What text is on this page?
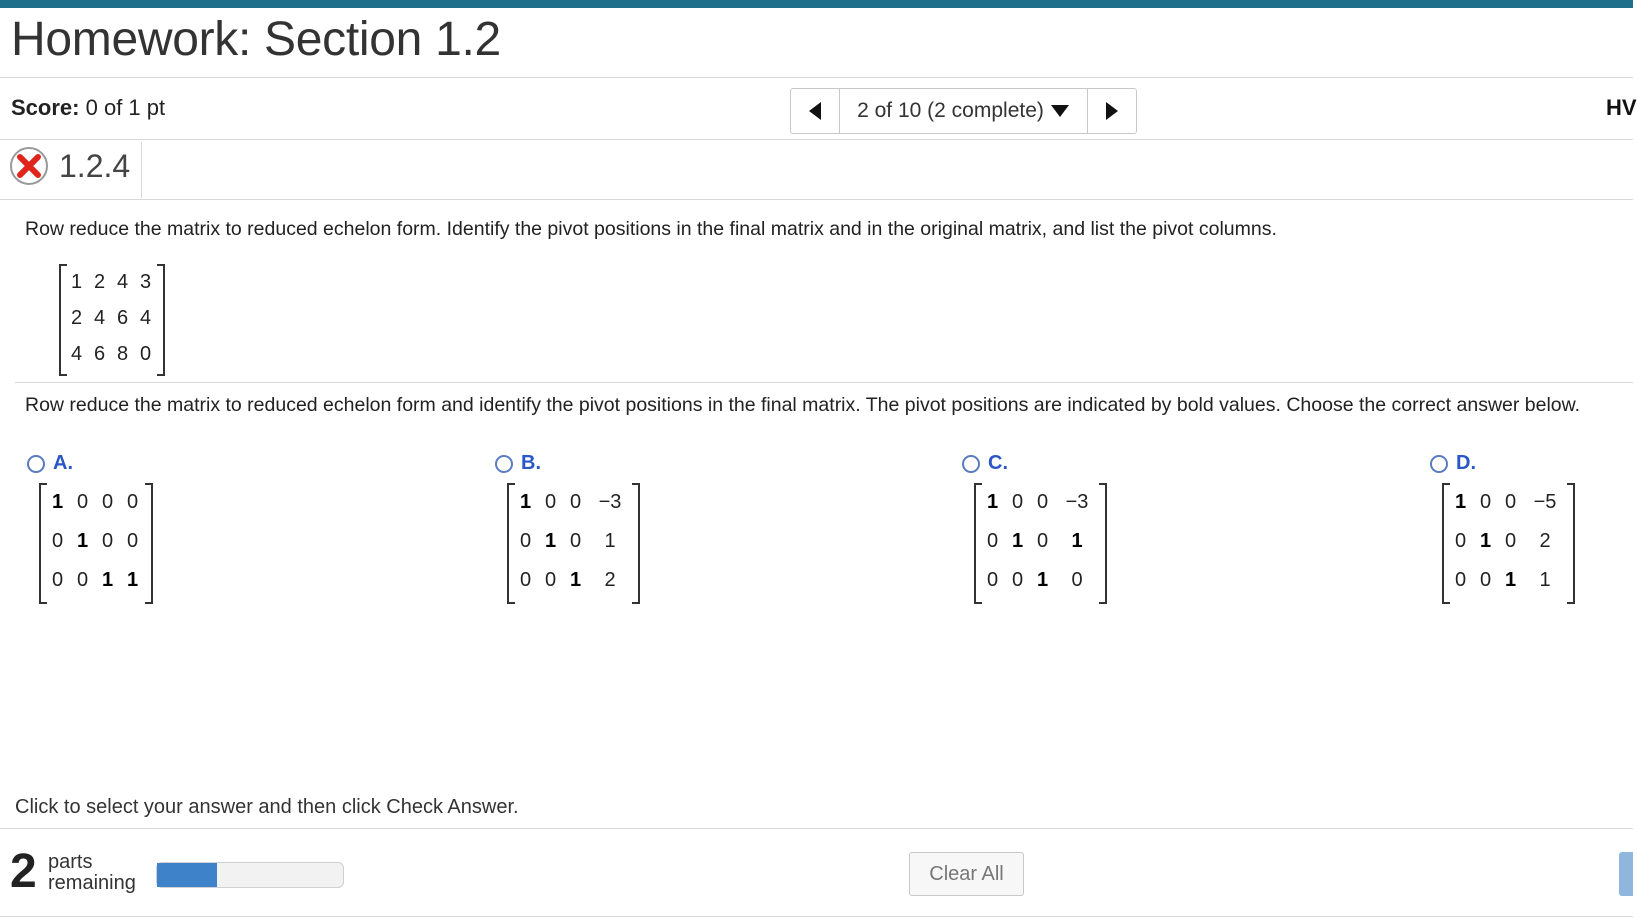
Homework: Section 1.2
Score: 0 of 1 pt	2 of 10 (2 complete)	HV
1.2.4
Row reduce the matrix to reduced echelon form. Identify the pivot positions in the final matrix and in the original matrix, and list the pivot columns.
1 2 4 3
2 4 6 4
4 6 8 0
Row reduce the matrix to reduced echelon form and identify the pivot positions in the final matrix. The pivot positions are indicated by bold values. Choose the correct answer below.
A.
1 0 0 0
0 1 0 0
0 0 1 1
B.
1 0 0 −3
0 1 0	1
0 0 1	2
C.
1 0 0 −3
0 1 0	1
0 0 1	0
D.
1 0 0 −5
0 1 0	2
0 0 1	1
Click to select your answer and then click Check Answer.
2 parts
remaining	Clear All
